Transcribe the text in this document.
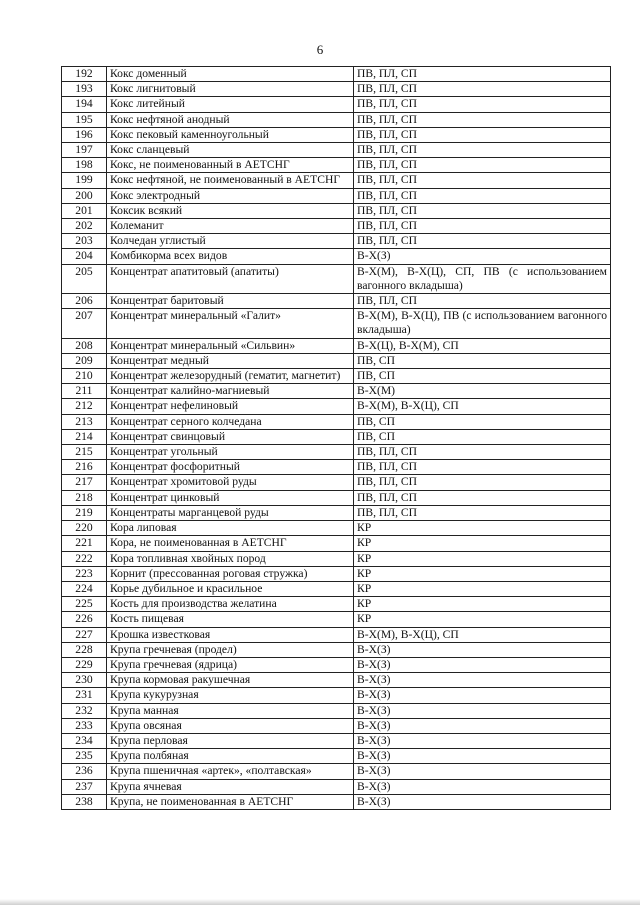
6
192	Кокс доменный	ПВ, ПЛ, СП
193	Кокс лигнитовый	ПВ, ПЛ, СП
194	Кокс литейный	ПВ, ПЛ, СП
195	Кокс нефтяной анодный	ПВ, ПЛ, СП
196	Кокс пековый каменноугольный	ПВ, ПЛ, СП
197	Кокс сланцевый	ПВ, ПЛ, СП
198	Кокс, не поименованный в АЕТСНГ	ПВ, ПЛ, СП
199	Кокс нефтяной, не поименованный в АЕТСНГ	ПВ, ПЛ, СП
200	Кокс электродный	ПВ, ПЛ, СП
201	Коксик всякий	ПВ, ПЛ, СП
202	Колеманит	ПВ, ПЛ, СП
203	Колчедан углистый	ПВ, ПЛ, СП
204	Комбикорма всех видов	В-Х(З)
205	Концентрат апатитовый (апатиты)	В-Х(М), В-Х(Ц), СП, ПВ (с использованием вагонного вкладыша)
206	Концентрат баритовый	ПВ, ПЛ, СП
207	Концентрат минеральный «Галит»	В-Х(М), В-Х(Ц), ПВ (с использованием вагонного вкладыша)
208	Концентрат минеральный «Сильвин»	В-Х(Ц), В-Х(М), СП
209	Концентрат медный	ПВ, СП
210	Концентрат железорудный (гематит, магнетит)	ПВ, СП
211	Концентрат калийно-магниевый	В-Х(М)
212	Концентрат нефелиновый	В-Х(М), В-Х(Ц), СП
213	Концентрат серного колчедана	ПВ, СП
214	Концентрат свинцовый	ПВ, СП
215	Концентрат угольный	ПВ, ПЛ, СП
216	Концентрат фосфоритный	ПВ, ПЛ, СП
217	Концентрат хромитовой руды	ПВ, ПЛ, СП
218	Концентрат цинковый	ПВ, ПЛ, СП
219	Концентраты марганцевой руды	ПВ, ПЛ, СП
220	Кора липовая	КР
221	Кора, не поименованная в АЕТСНГ	КР
222	Кора топливная хвойных пород	КР
223	Корнит (прессованная роговая стружка)	КР
224	Корье дубильное и красильное	КР
225	Кость для производства желатина	КР
226	Кость пищевая	КР
227	Крошка известковая	В-Х(М), В-Х(Ц), СП
228	Крупа гречневая (продел)	В-Х(З)
229	Крупа гречневая (ядрица)	В-Х(З)
230	Крупа кормовая ракушечная	В-Х(З)
231	Крупа кукурузная	В-Х(З)
232	Крупа манная	В-Х(З)
233	Крупа овсяная	В-Х(З)
234	Крупа перловая	В-Х(З)
235	Крупа полбяная	В-Х(З)
236	Крупа пшеничная «артек», «полтавская»	В-Х(З)
237	Крупа ячневая	В-Х(З)
238	Крупа, не поименованная в АЕТСНГ	В-Х(З)
